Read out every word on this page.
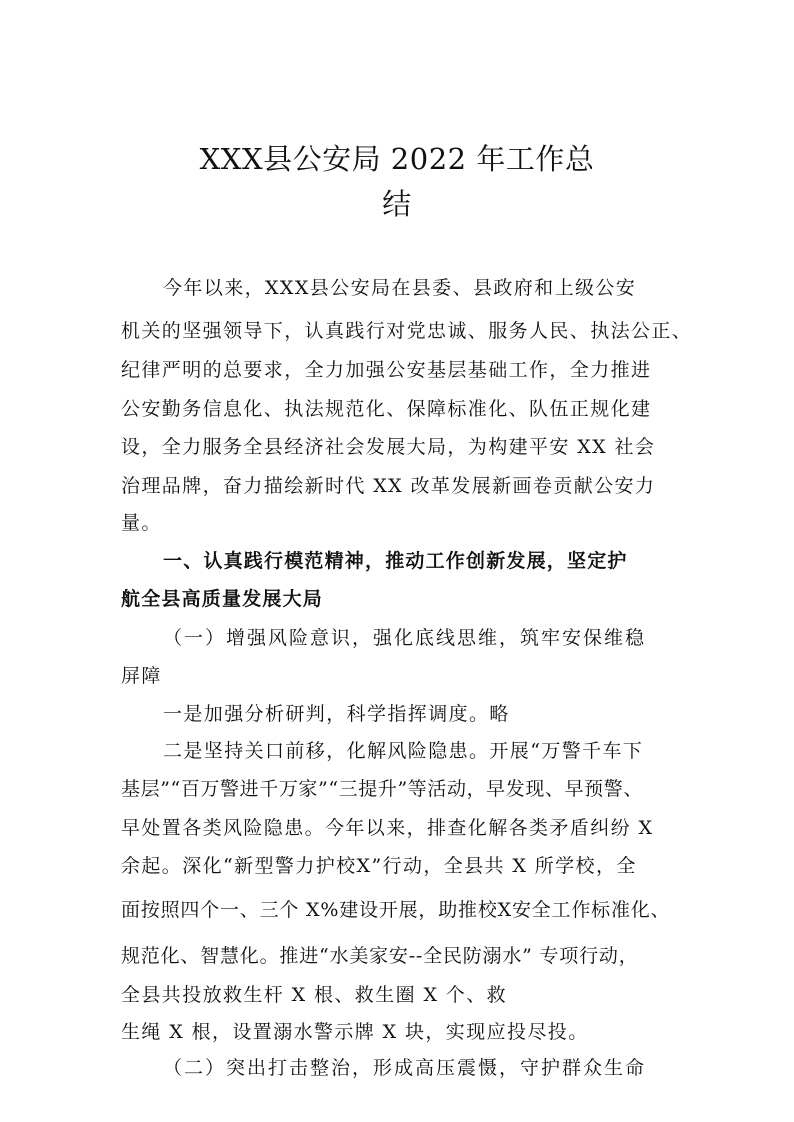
XXX县公安局 2022 年工作总
结
今年以来，XXX县公安局在县委、县政府和上级公安
机关的坚强领导下，认真践行对党忠诚、服务人民、执法公正、
纪律严明的总要求，全力加强公安基层基础工作，全力推进
公安勤务信息化、执法规范化、保障标准化、队伍正规化建
设，全力服务全县经济社会发展大局，为构建平安 XX 社会
治理品牌，奋力描绘新时代 XX 改革发展新画卷贡献公安力
量。
一、认真践行模范精神，推动工作创新发展，坚定护
航全县高质量发展大局
（一）增强风险意识，强化底线思维，筑牢安保维稳
屏障
一是加强分析研判，科学指挥调度。略
二是坚持关口前移，化解风险隐患。开展“万警千车下
基层”“百万警进千万家”“三提升”等活动，早发现、早预警、
早处置各类风险隐患。今年以来，排查化解各类矛盾纠纷 X
余起。深化“新型警力护校X”行动，全县共 X 所学校，全
面按照四个一、三个 X%建设开展，助推校X安全工作标准化、
规范化、智慧化。推进“水美家安--全民防溺水” 专项行动，
全县共投放救生杆 X 根、救生圈 X 个、救
生绳 X 根，设置溺水警示牌 X 块，实现应投尽投。
（二）突出打击整治，形成高压震慑，守护群众生命
